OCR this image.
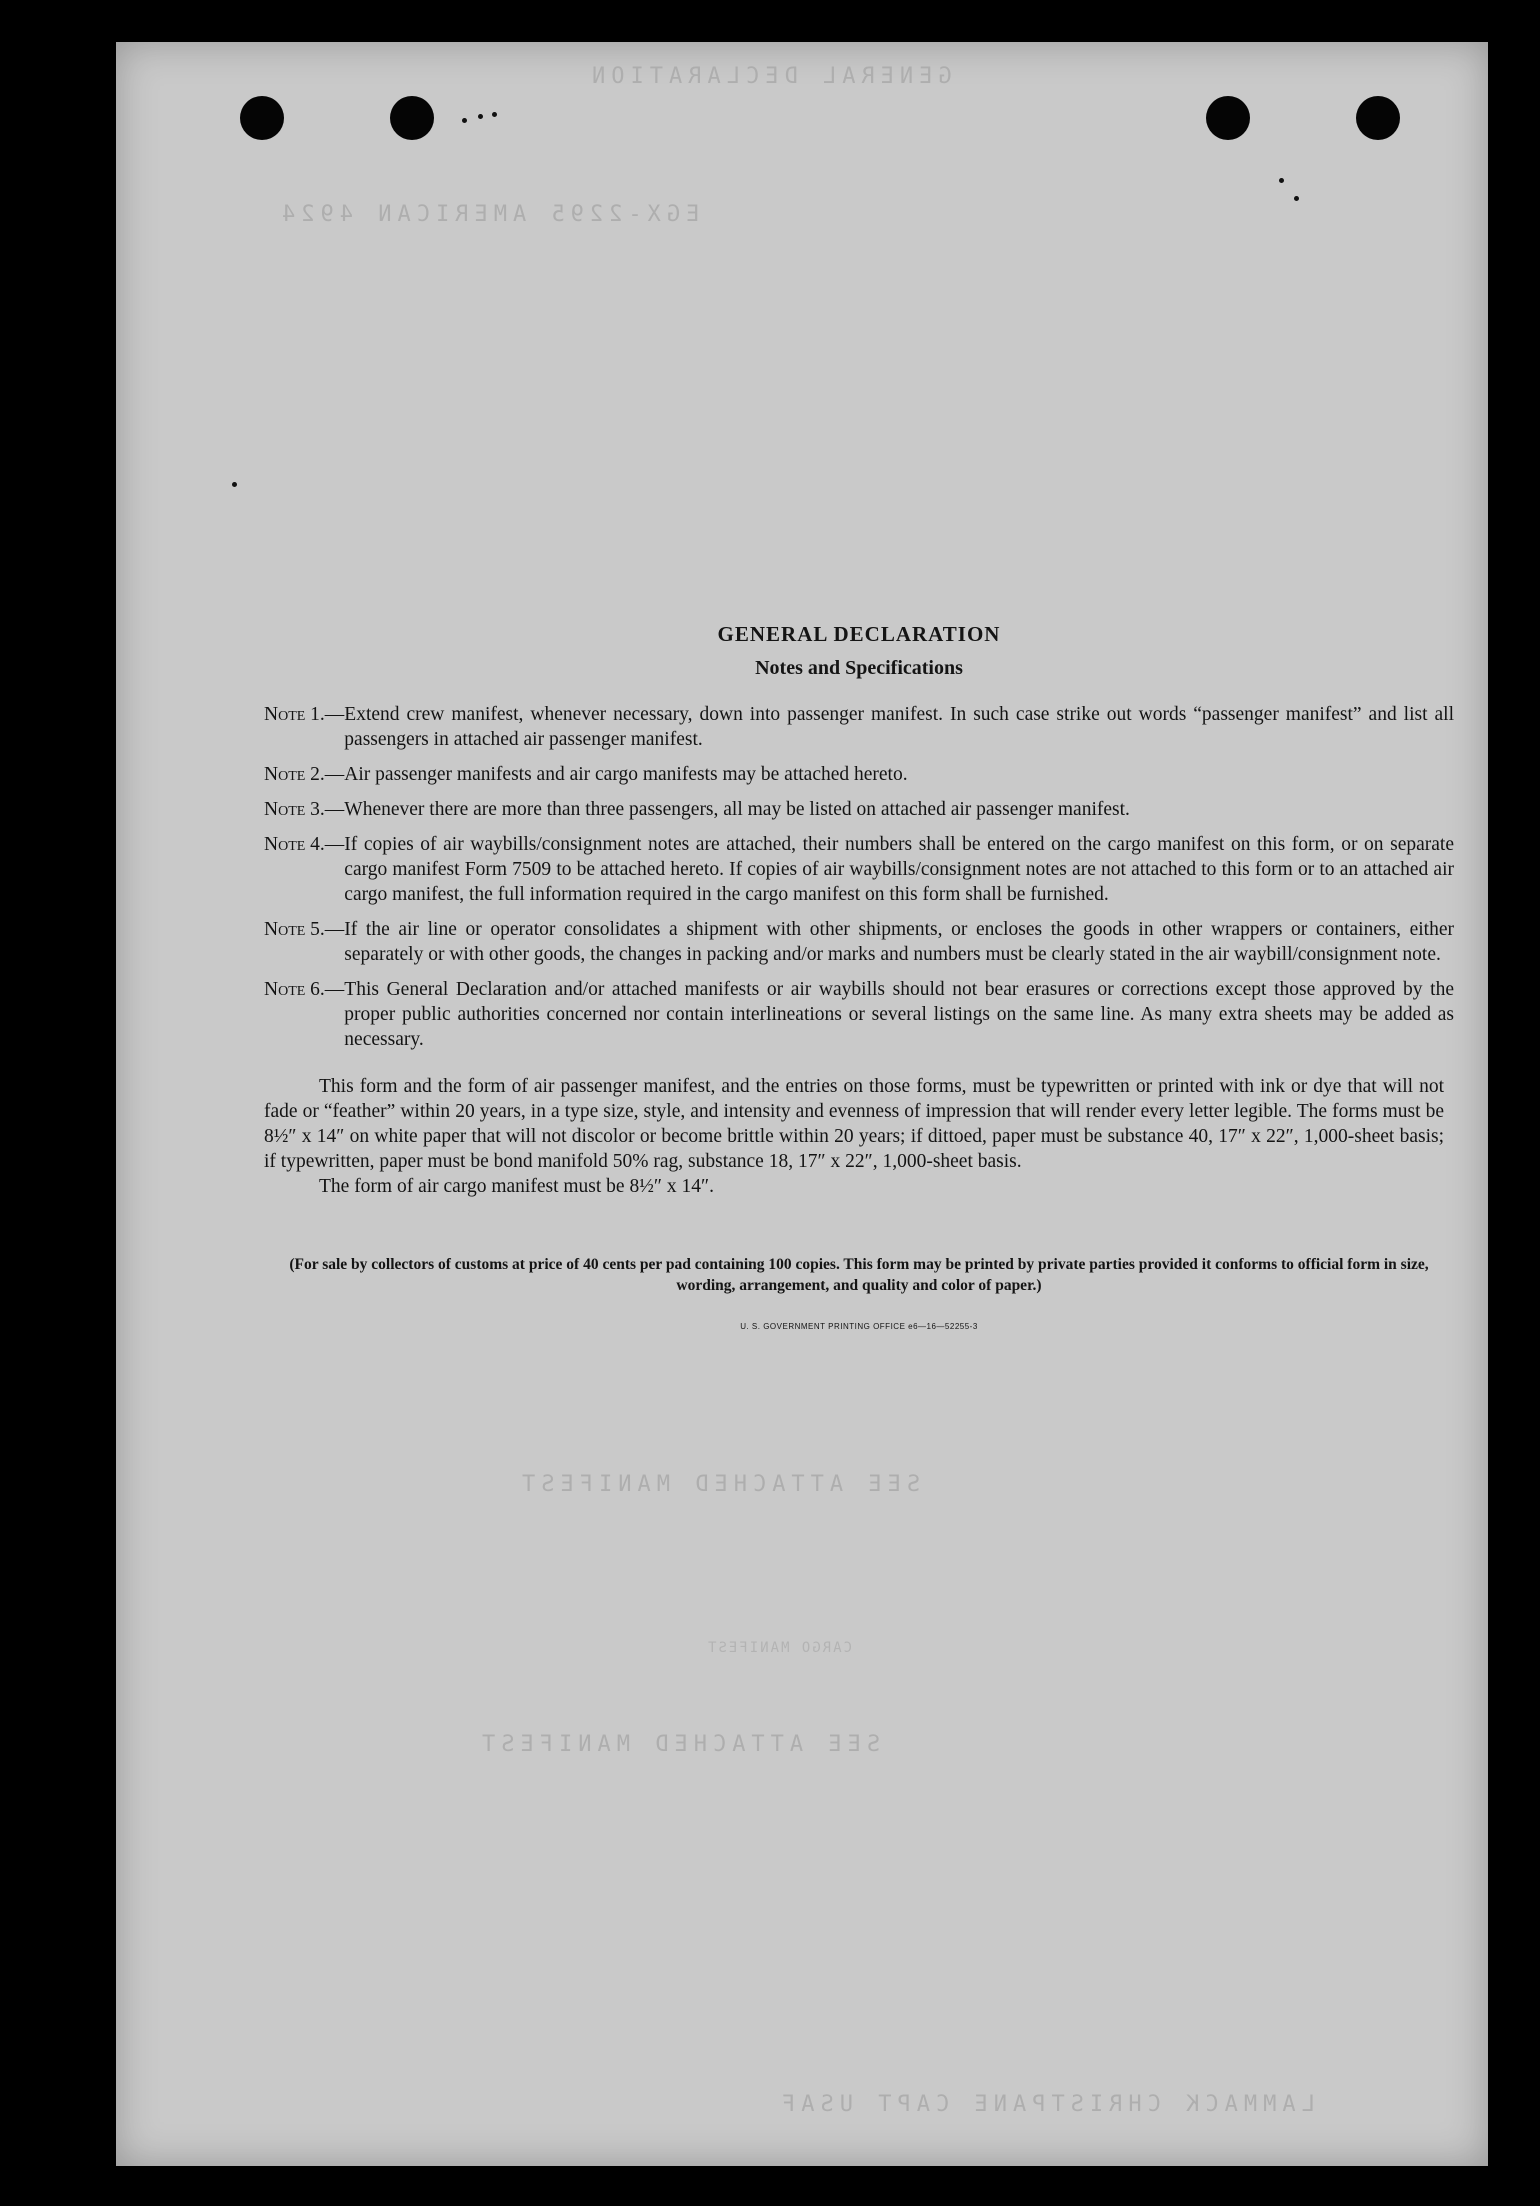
GENERAL DECLARATION
EGX-2295 AMERICAN 4924
SEE ATTACHED MANIFEST
SEE ATTACHED MANIFEST
LAMMACK CHRISTPANE CAPT USAF
CARGO MANIFEST
GENERAL DECLARATION
Notes and Specifications
Note 1.— Extend crew manifest, whenever necessary, down into passenger manifest. In such case strike out words “passenger manifest” and list all passengers in attached air passenger manifest.
Note 2.— Air passenger manifests and air cargo manifests may be attached hereto.
Note 3.— Whenever there are more than three passengers, all may be listed on attached air passenger manifest.
Note 4.— If copies of air waybills/consignment notes are attached, their numbers shall be entered on the cargo manifest on this form, or on separate cargo manifest Form 7509 to be attached hereto. If copies of air waybills/consignment notes are not attached to this form or to an attached air cargo manifest, the full information required in the cargo manifest on this form shall be furnished.
Note 5.— If the air line or operator consolidates a shipment with other shipments, or encloses the goods in other wrappers or containers, either separately or with other goods, the changes in packing and/or marks and numbers must be clearly stated in the air waybill/consignment note.
Note 6.— This General Declaration and/or attached manifests or air waybills should not bear erasures or corrections except those approved by the proper public authorities concerned nor contain interlineations or several listings on the same line. As many extra sheets may be added as necessary.
This form and the form of air passenger manifest, and the entries on those forms, must be typewritten or printed with ink or dye that will not fade or “feather” within 20 years, in a type size, style, and intensity and evenness of impression that will render every letter legible. The forms must be 8½″ x 14″ on white paper that will not discolor or become brittle within 20 years; if dittoed, paper must be substance 40, 17″ x 22″, 1,000-sheet basis; if typewritten, paper must be bond manifold 50% rag, substance 18, 17″ x 22″, 1,000-sheet basis.
The form of air cargo manifest must be 8½″ x 14″.
(For sale by collectors of customs at price of 40 cents per pad containing 100 copies. This form may be printed by private parties provided it conforms to official form in size, wording, arrangement, and quality and color of paper.)
U. S. GOVERNMENT PRINTING OFFICE e6—16—52255-3
